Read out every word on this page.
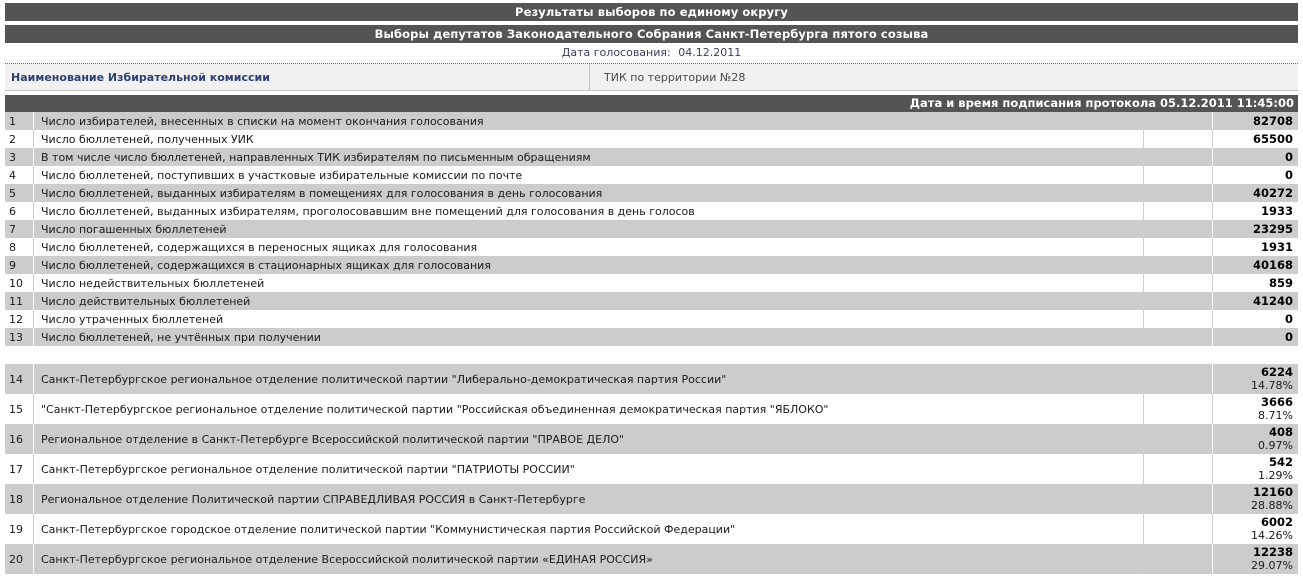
Результаты выборов по единому округу
Выборы депутатов Законодательного Собрания Санкт-Петербурга пятого созыва
Дата голосования: 04.12.2011
Наименование Избирательной комиссии	ТИК по территории №28
Дата и время подписания протокола 05.12.2011 11:45:00
1	Число избирателей, внесенных в списки на момент окончания голосования		82708
2	Число бюллетеней, полученных УИК		65500
3	В том числе число бюллетеней, направленных ТИК избирателям по письменным обращениям		0
4	Число бюллетеней, поступивших в участковые избирательные комиссии по почте		0
5	Число бюллетеней, выданных избирателям в помещениях для голосования в день голосования		40272
6	Число бюллетеней, выданных избирателям, проголосовавшим вне помещений для голосования в день голосов		1933
7	Число погашенных бюллетеней		23295
8	Число бюллетеней, содержащихся в переносных ящиках для голосования		1931
9	Число бюллетеней, содержащихся в стационарных ящиках для голосования		40168
10	Число недействительных бюллетеней		859
11	Число действительных бюллетеней		41240
12	Число утраченных бюллетеней		0
13	Число бюллетеней, не учтённых при получении		0
14	Санкт-Петербургское региональное отделение политической партии "Либерально-демократическая партия России"		6224
14.78%

15	"Санкт-Петербургское региональное отделение политической партии "Российская объединенная демократическая партия "ЯБЛОКО"		3666
8.71%

16	Региональное отделение в Санкт-Петербурге Всероссийской политической партии "ПРАВОЕ ДЕЛО"		408
0.97%

17	Санкт-Петербургское региональное отделение политической партии "ПАТРИОТЫ РОССИИ"		542
1.29%

18	Региональное отделение Политической партии СПРАВЕДЛИВАЯ РОССИЯ в Санкт-Петербурге		12160
28.88%

19	Санкт-Петербургское городское отделение политической партии "Коммунистическая партия Российской Федерации"		6002
14.26%

20	Санкт-Петербургское региональное отделение Всероссийской политической партии «ЕДИНАЯ РОССИЯ»		12238
29.07%
